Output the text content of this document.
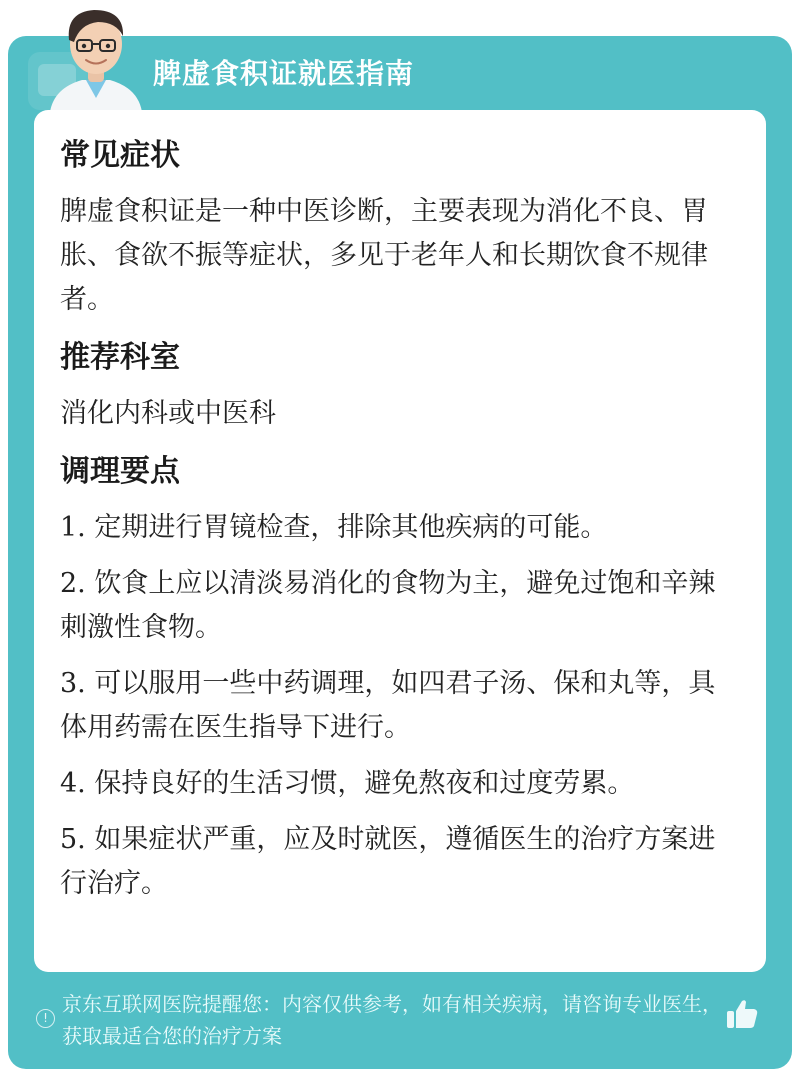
脾虚食积证就医指南
常见症状
脾虚食积证是一种中医诊断，主要表现为消化不良、胃胀、食欲不振等症状，多见于老年人和长期饮食不规律者。
推荐科室
消化内科或中医科
调理要点
1. 定期进行胃镜检查，排除其他疾病的可能。
2. 饮食上应以清淡易消化的食物为主，避免过饱和辛辣刺激性食物。
3. 可以服用一些中药调理，如四君子汤、保和丸等，具体用药需在医生指导下进行。
4. 保持良好的生活习惯，避免熬夜和过度劳累。
5. 如果症状严重，应及时就医，遵循医生的治疗方案进行治疗。
!
京东互联网医院提醒您：内容仅供参考，如有相关疾病，请咨询专业医生，获取最适合您的治疗方案
